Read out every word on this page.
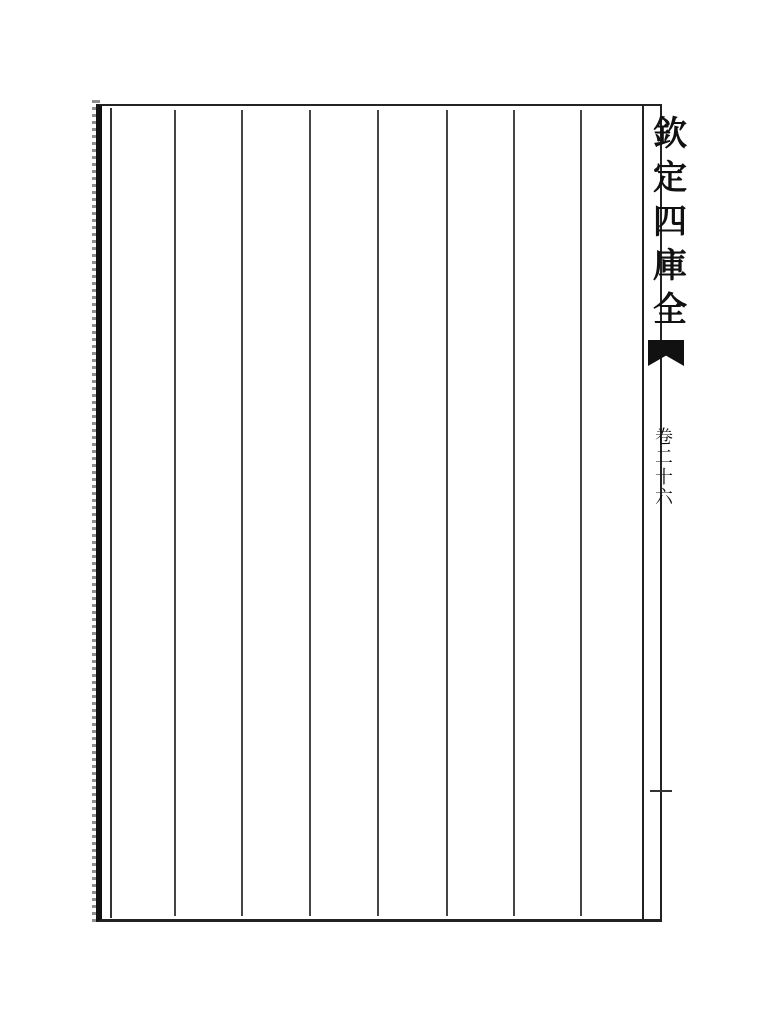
欽
定
四
庫
全
卷
二
十
六
